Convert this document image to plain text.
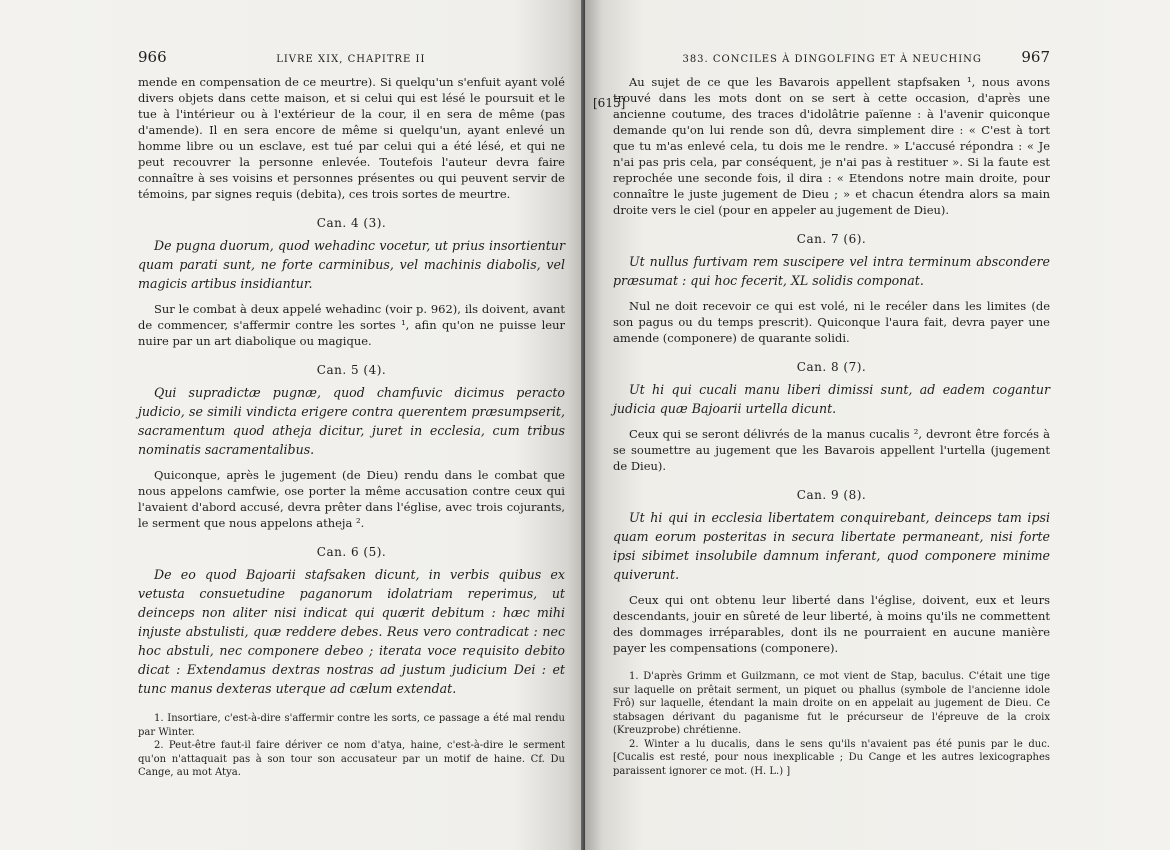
966	LIVRE XIX, CHAPITRE II

mende en compensation de ce meurtre). Si quelqu'un s'enfuit ayant volé divers objets dans cette maison, et si celui qui est lésé le poursuit et le tue à l'intérieur ou à l'extérieur de la cour, il en sera de même (pas d'amende). Il en sera encore de même si quelqu'un, ayant enlevé un homme libre ou un esclave, est tué par celui qui a été lésé, et qui ne peut recouvrer la personne enlevée. Toutefois l'auteur devra faire connaître à ses voisins et personnes présentes ou qui peuvent servir de témoins, par signes requis (debita), ces trois sortes de meurtre.

Can. 4 (3).

De pugna duorum, quod wehadinc vocetur, ut prius insortientur quam parati sunt, ne forte carminibus, vel machinis diabolis, vel magicis artibus insidiantur.

Sur le combat à deux appelé wehadinc (voir p. 962), ils doivent, avant de commencer, s'affermir contre les sortes ¹, afin qu'on ne puisse leur nuire par un art diabolique ou magique.

Can. 5 (4).

Qui supradictæ pugnæ, quod chamfuvic dicimus peracto judicio, se simili vindicta erigere contra querentem præsumpserit, sacramentum quod atheja dicitur, juret in ecclesia, cum tribus nominatis sacramentalibus.

Quiconque, après le jugement (de Dieu) rendu dans le combat que nous appelons camfwie, ose porter la même accusation contre ceux qui l'avaient d'abord accusé, devra prêter dans l'église, avec trois cojurants, le serment que nous appelons atheja ².

Can. 6 (5).

De eo quod Bajoarii stafsaken dicunt, in verbis quibus ex vetusta consuetudine paganorum idolatriam reperimus, ut deinceps non aliter nisi indicat qui quærit debitum : hæc mihi injuste abstulisti, quæ reddere debes. Reus vero contradicat : nec hoc abstuli, nec componere debeo ; iterata voce requisito debito dicat : Extendamus dextras nostras ad justum judicium Dei : et tunc manus dexteras uterque ad cælum extendat.

1. Insortiare, c'est-à-dire s'affermir contre les sorts, ce passage a été mal rendu par Winter.

2. Peut-être faut-il faire dériver ce nom d'atya, haine, c'est-à-dire le serment qu'on n'attaquait pas à son tour son accusateur par un motif de haine. Cf. Du Cange, au mot Atya.

[615]
383. CONCILES À DINGOLFING ET À NEUCHING	967

Au sujet de ce que les Bavarois appellent stapfsaken ¹, nous avons trouvé dans les mots dont on se sert à cette occasion, d'après une ancienne coutume, des traces d'idolâtrie païenne : à l'avenir quiconque demande qu'on lui rende son dû, devra simplement dire : « C'est à tort que tu m'as enlevé cela, tu dois me le rendre. » L'accusé répondra : « Je n'ai pas pris cela, par conséquent, je n'ai pas à restituer ». Si la faute est reprochée une seconde fois, il dira : « Etendons notre main droite, pour connaître le juste jugement de Dieu ; » et chacun étendra alors sa main droite vers le ciel (pour en appeler au jugement de Dieu).

Can. 7 (6).

Ut nullus furtivam rem suscipere vel intra terminum abscondere præsumat : qui hoc fecerit, XL solidis componat.

Nul ne doit recevoir ce qui est volé, ni le recéler dans les limites (de son pagus ou du temps prescrit). Quiconque l'aura fait, devra payer une amende (componere) de quarante solidi.

Can. 8 (7).

Ut hi qui cucali manu liberi dimissi sunt, ad eadem cogantur judicia quæ Bajoarii urtella dicunt.

Ceux qui se seront délivrés de la manus cucalis ², devront être forcés à se soumettre au jugement que les Bavarois appellent l'urtella (jugement de Dieu).

Can. 9 (8).

Ut hi qui in ecclesia libertatem conquirebant, deinceps tam ipsi quam eorum posteritas in secura libertate permaneant, nisi forte ipsi sibimet insolubile damnum inferant, quod componere minime quiverunt.

Ceux qui ont obtenu leur liberté dans l'église, doivent, eux et leurs descendants, jouir en sûreté de leur liberté, à moins qu'ils ne commettent des dommages irréparables, dont ils ne pourraient en aucune manière payer les compensations (componere).

1. D'après Grimm et Guilzmann, ce mot vient de Stap, baculus. C'était une tige sur laquelle on prêtait serment, un piquet ou phallus (symbole de l'ancienne idole Frô) sur laquelle, étendant la main droite on en appelait au jugement de Dieu. Ce stabsagen dérivant du paganisme fut le précurseur de l'épreuve de la croix (Kreuzprobe) chrétienne.

2. Winter a lu ducalis, dans le sens qu'ils n'avaient pas été punis par le duc. [Cucalis est resté, pour nous inexplicable ; Du Cange et les autres lexicographes paraissent ignorer ce mot. (H. L.) ]
